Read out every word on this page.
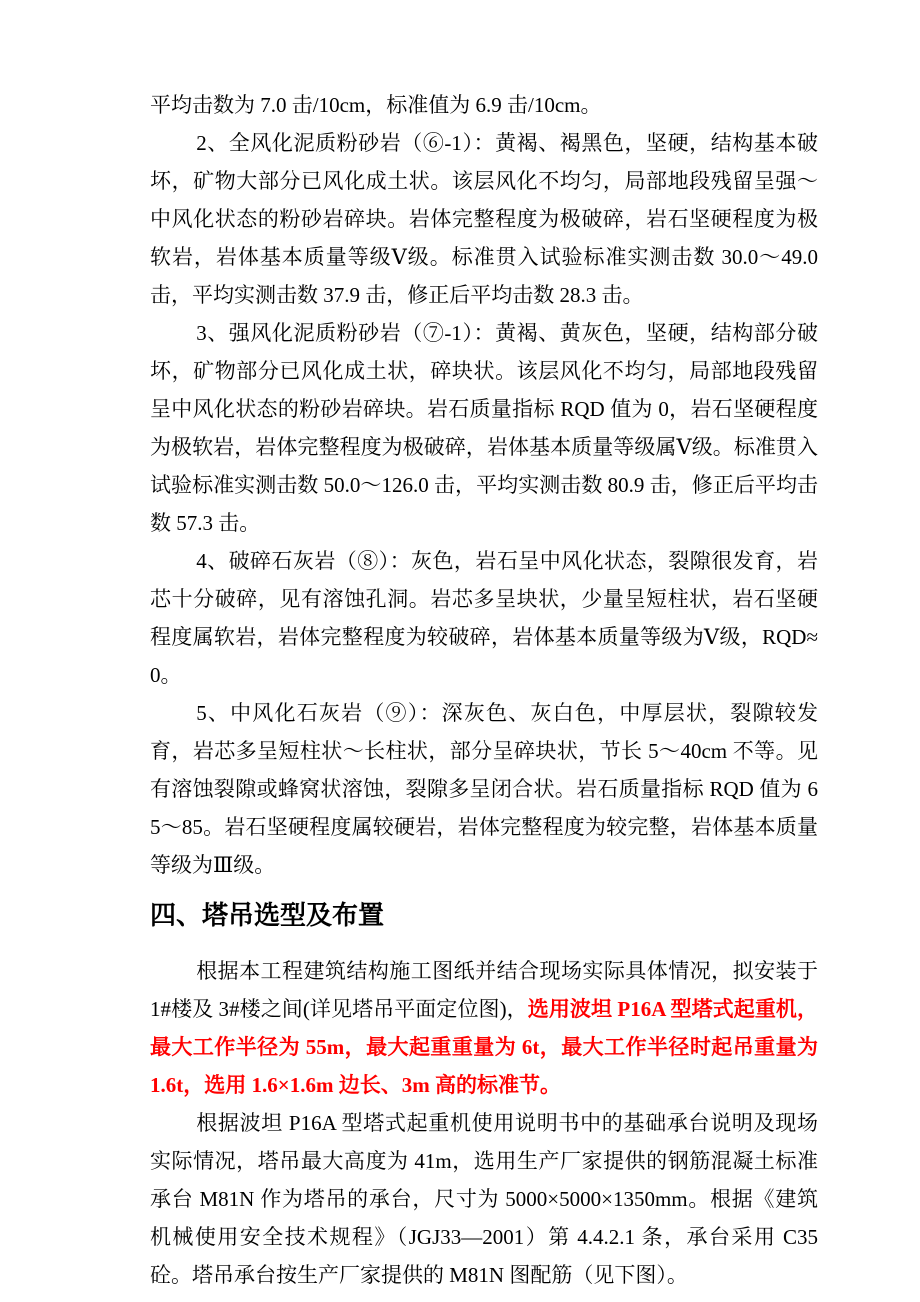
平均击数为 7.0 击/10cm，标准值为 6.9 击/10cm。

2、全风化泥质粉砂岩（⑥-1）：黄褐、褐黑色，坚硬，结构基本破坏，矿物大部分已风化成土状。该层风化不均匀，局部地段残留呈强～中风化状态的粉砂岩碎块。岩体完整程度为极破碎，岩石坚硬程度为极软岩，岩体基本质量等级Ⅴ级。标准贯入试验标准实测击数 30.0～49.0 击，平均实测击数 37.9 击，修正后平均击数 28.3 击。

3、强风化泥质粉砂岩（⑦-1）：黄褐、黄灰色，坚硬，结构部分破坏，矿物部分已风化成土状，碎块状。该层风化不均匀，局部地段残留呈中风化状态的粉砂岩碎块。岩石质量指标 RQD 值为 0，岩石坚硬程度为极软岩，岩体完整程度为极破碎，岩体基本质量等级属Ⅴ级。标准贯入试验标准实测击数 50.0～126.0 击，平均实测击数 80.9 击，修正后平均击数 57.3 击。

4、破碎石灰岩（⑧）：灰色，岩石呈中风化状态，裂隙很发育，岩芯十分破碎，见有溶蚀孔洞。岩芯多呈块状，少量呈短柱状，岩石坚硬程度属软岩，岩体完整程度为较破碎，岩体基本质量等级为Ⅴ级，RQD≈0。

5、中风化石灰岩（⑨）：深灰色、灰白色，中厚层状，裂隙较发育，岩芯多呈短柱状～长柱状，部分呈碎块状，节长 5～40cm 不等。见有溶蚀裂隙或蜂窝状溶蚀，裂隙多呈闭合状。岩石质量指标 RQD 值为 65～85。岩石坚硬程度属较硬岩，岩体完整程度为较完整，岩体基本质量等级为Ⅲ级。

四、塔吊选型及布置

根据本工程建筑结构施工图纸并结合现场实际具体情况，拟安装于 1#楼及 3#楼之间(详见塔吊平面定位图)，选用波坦 P16A 型塔式起重机，最大工作半径为 55m，最大起重重量为 6t，最大工作半径时起吊重量为 1.6t，选用 1.6×1.6m 边长、3m 高的标准节。

根据波坦 P16A 型塔式起重机使用说明书中的基础承台说明及现场实际情况，塔吊最大高度为 41m，选用生产厂家提供的钢筋混凝土标准承台 M81N 作为塔吊的承台，尺寸为 5000×5000×1350mm。根据《建筑机械使用安全技术规程》（JGJ33—2001）第 4.4.2.1 条，承台采用 C35 砼。塔吊承台按生产厂家提供的 M81N 图配筋（见下图）。
